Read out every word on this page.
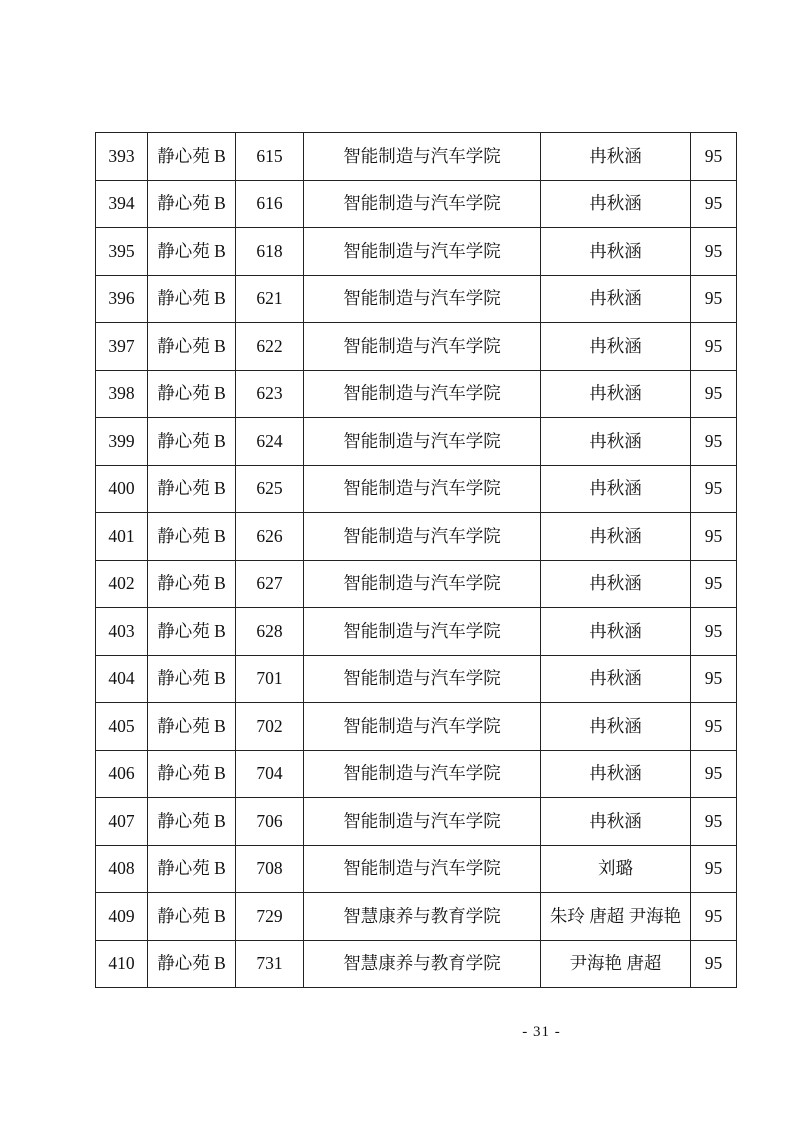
393	静心苑 B	615	智能制造与汽车学院	冉秋涵	95
394	静心苑 B	616	智能制造与汽车学院	冉秋涵	95
395	静心苑 B	618	智能制造与汽车学院	冉秋涵	95
396	静心苑 B	621	智能制造与汽车学院	冉秋涵	95
397	静心苑 B	622	智能制造与汽车学院	冉秋涵	95
398	静心苑 B	623	智能制造与汽车学院	冉秋涵	95
399	静心苑 B	624	智能制造与汽车学院	冉秋涵	95
400	静心苑 B	625	智能制造与汽车学院	冉秋涵	95
401	静心苑 B	626	智能制造与汽车学院	冉秋涵	95
402	静心苑 B	627	智能制造与汽车学院	冉秋涵	95
403	静心苑 B	628	智能制造与汽车学院	冉秋涵	95
404	静心苑 B	701	智能制造与汽车学院	冉秋涵	95
405	静心苑 B	702	智能制造与汽车学院	冉秋涵	95
406	静心苑 B	704	智能制造与汽车学院	冉秋涵	95
407	静心苑 B	706	智能制造与汽车学院	冉秋涵	95
408	静心苑 B	708	智能制造与汽车学院	刘璐	95
409	静心苑 B	729	智慧康养与教育学院	朱玲 唐超 尹海艳	95
410	静心苑 B	731	智慧康养与教育学院	尹海艳 唐超	95
- 31 -
